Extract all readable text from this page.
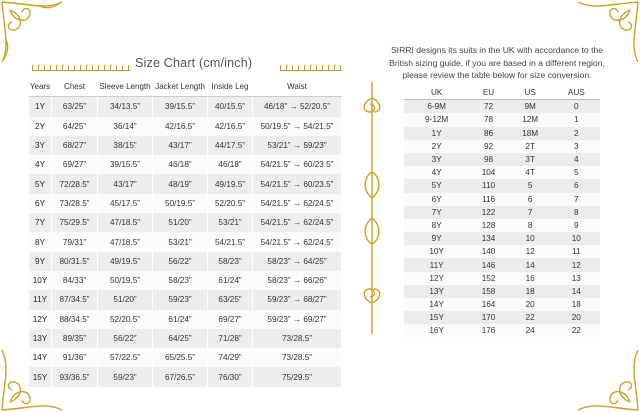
Size Chart (cm/inch)
Years	Chest	Sleeve Length	Jacket Length	Inside Leg	Waist
1Y	63/25”	34/13.5”	39/15.5”	40/15.5”	46/18” → 52/20.5”
2Y	64/25”	36/14”	42/16.5”	42/16.5”	50/19.5” → 54/21.5”
3Y	68/27”	38/15”	43/17”	44/17.5”	53/21” → 59/23”
4Y	69/27”	39/15.5”	46/18”	46/18”	54/21.5” → 60/23.5”
5Y	72/28.5”	43/17”	48/19”	49/19.5”	54/21.5” → 60/23.5”
6Y	73/28.5”	45/17.5”	50/19.5”	52/20.5”	54/21.5” → 62/24.5”
7Y	75/29.5”	47/18.5”	51/20”	53/21”	54/21.5” → 62/24.5”
8Y	79/31”	47/18.5”	53/21”	54/21.5”	54/21.5” → 62/24.5”
9Y	80/31.5”	49/19.5”	56/22”	58/23”	58/23” → 64/25”
10Y	84/33”	50/19.5”	58/23”	61/24”	58/23” → 66/26”
11Y	87/34.5”	51/20”	59/23”	63/25”	59/23” → 68/27”
12Y	88/34.5”	52/20.5”	61/24”	69/27”	59/23” → 69/27”
13Y	89/35”	56/22”	64/25”	71/28”	73/28.5”
14Y	91/36”	57/22.5”	65/25.5”	74/29”	73/28.5”
15Y	93/36.5”	59/23”	67/26.5”	76/30”	75/29.5”
SIRRI designs its suits in the UK with accordance to the British sizing guide, if you are based in a different region, please review the table below for size conversion.
UK	EU	US	AUS
6-9M	72	9M	0
9-12M	78	12M	1
1Y	86	18M	2
2Y	92	2T	3
3Y	98	3T	4
4Y	104	4T	5
5Y	110	5	6
6Y	116	6	7
7Y	122	7	8
8Y	128	8	9
9Y	134	10	10
10Y	140	12	11
11Y	146	14	12
12Y	152	16	13
13Y	158	18	14
14Y	164	20	18
15Y	170	22	20
16Y	176	24	22
